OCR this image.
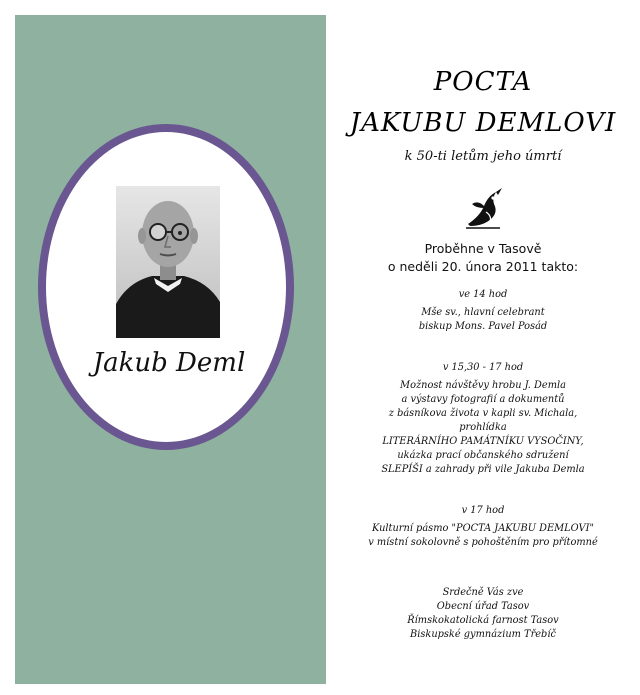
Jakub Deml
POCTA
JAKUBU DEMLOVI
k 50-ti letům jeho úmrtí
Proběhne v Tasově
o neděli 20. února 2011 takto:
ve 14 hod
Mše sv., hlavní celebrant
biskup Mons. Pavel Posád
v 15,30 - 17 hod
Možnost návštěvy hrobu J. Demla
a výstavy fotografií a dokumentů
z básníkova života v kapli sv. Michala,
prohlídka
LITERÁRNÍHO PAMÁTNÍKU VYSOČINY,
ukázka prací občanského sdružení
SLEPÍŠI a zahrady při vile Jakuba Demla
v 17 hod
Kulturní pásmo "POCTA JAKUBU DEMLOVI"
v místní sokolovně s pohoštěním pro přítomné
Srdečně Vás zve
Obecní úřad Tasov
Římskokatolická farnost Tasov
Biskupské gymnázium Třebíč
